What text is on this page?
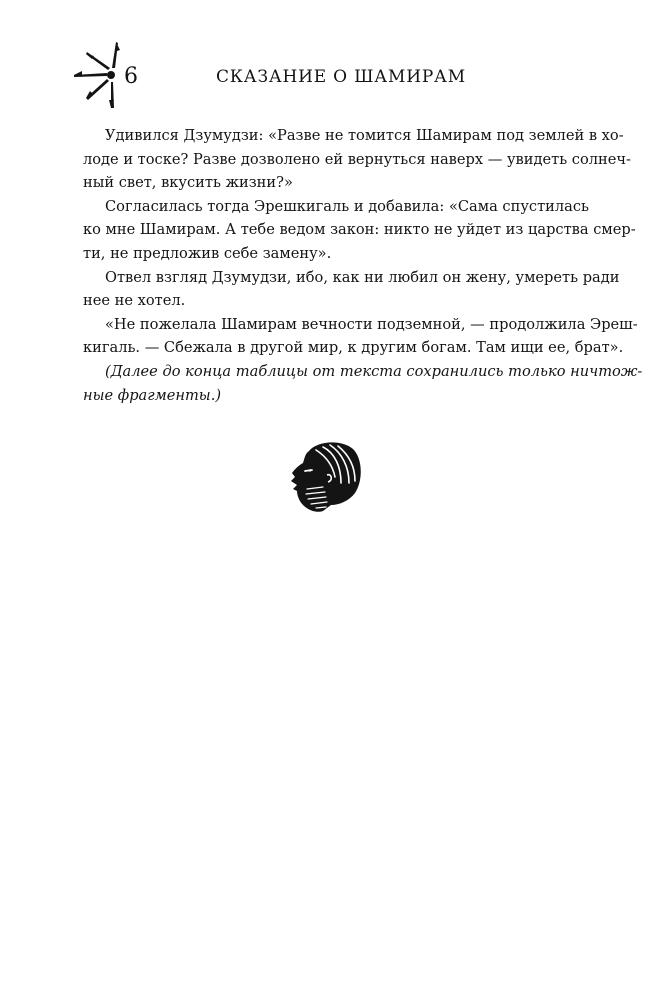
6	СКАЗАНИЕ О ШАМИРАМ

Удивился Дзумудзи: «Разве не томится Шамирам под землей в хо-
лоде и тоске? Разве дозволено ей вернуться наверх — увидеть солнеч-
ный свет, вкусить жизни?»

Согласилась тогда Эрешкигаль и добавила: «Сама спустилась
ко мне Шамирам. А тебе ведом закон: никто не уйдет из царства смер-
ти, не предложив себе замену».

Отвел взгляд Дзумудзи, ибо, как ни любил он жену, умереть ради
нее не хотел.

«Не пожелала Шамирам вечности подземной, — продолжила Эреш-
кигаль. — Сбежала в другой мир, к другим богам. Там ищи ее, брат».

(Далее до конца таблицы от текста сохранились только ничтож-
ные фрагменты.)
